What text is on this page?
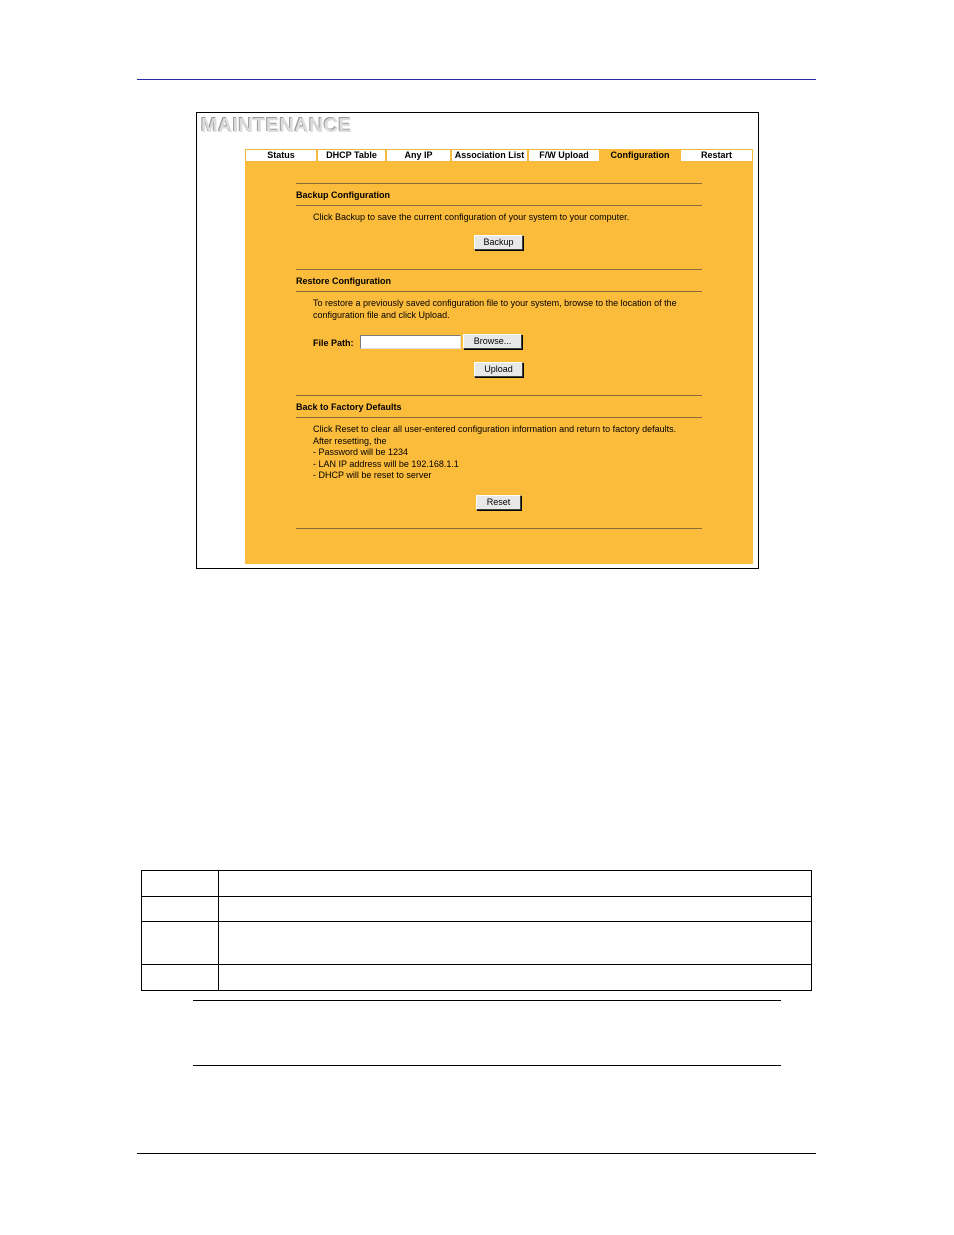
MAINTENANCE
Status	DHCP Table	Any IP	Association List	F/W Upload	Configuration	Restart
Backup Configuration
Click Backup to save the current configuration of your system to your computer.
Backup
Restore Configuration
To restore a previously saved configuration file to your system, browse to the location of the
configuration file and click Upload.
File Path:	Browse...
Upload
Back to Factory Defaults
Click Reset to clear all user-entered configuration information and return to factory defaults.
After resetting, the
- Password will be 1234
- LAN IP address will be 192.168.1.1
- DHCP will be reset to server
Reset
